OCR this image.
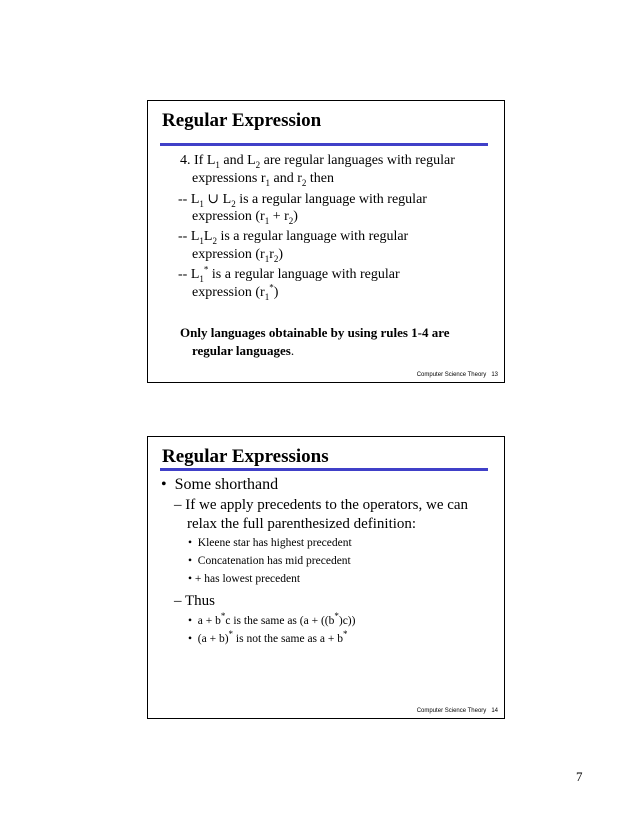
Regular Expression
4. If $L_1$ and $L_2$ are regular languages with regular
expressions $r_1$ and $r_2$ then
-- $L_1$ ∪ $L_2$ is a regular language with regular
expression $(r_1 + r_2)$
-- $L_1L_2$ is a regular language with regular
expression $(r_1r_2)$
-- $L_1^*$ is a regular language with regular
expression $(r_1^*)$
Only languages obtainable by using rules 1-4 are
regular languages.
Computer Science Theory 13
Regular Expressions
• Some shorthand
– If we apply precedents to the operators, we can
relax the full parenthesized definition:
• Kleene star has highest precedent
• Concatenation has mid precedent
• + has lowest precedent
– Thus
• a + b*c is the same as (a + ((b*)c))
• (a + b)* is not the same as a + b*
Computer Science Theory 14
7
